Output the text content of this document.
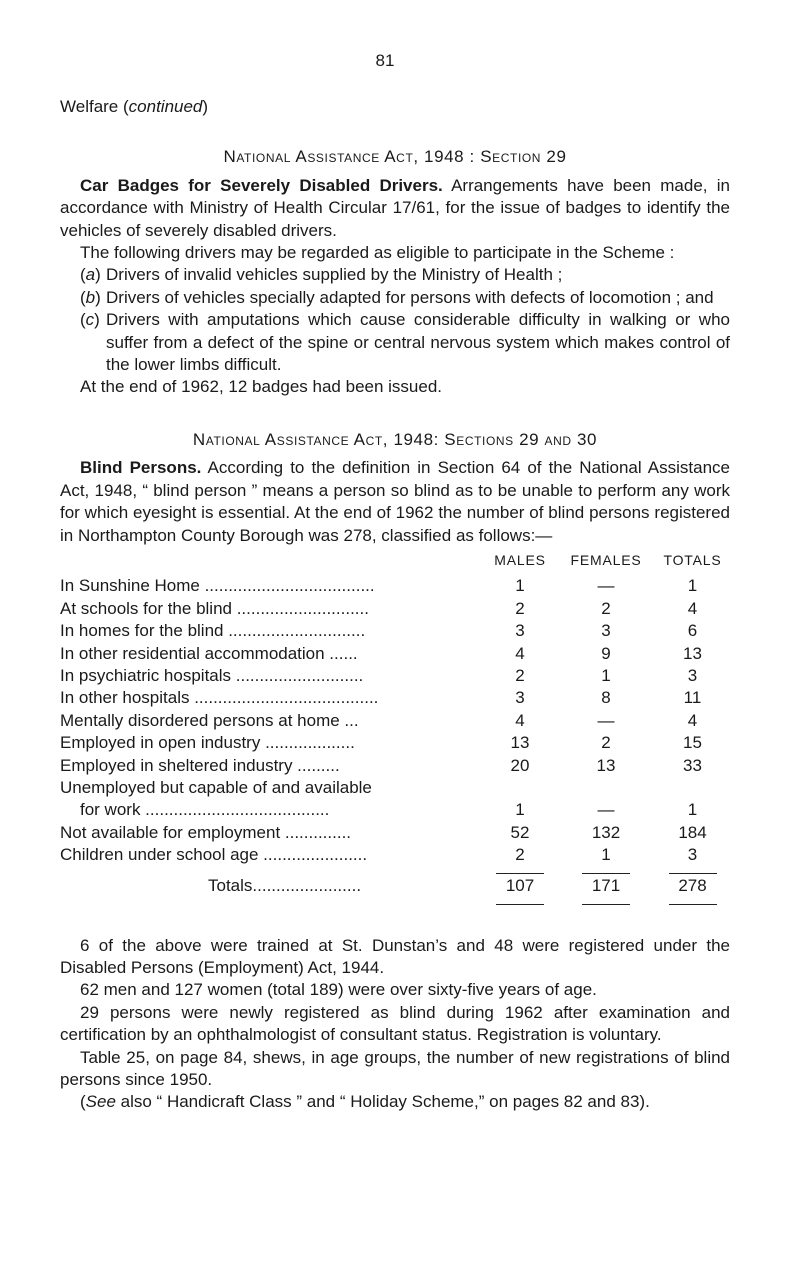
81
Welfare (continued)
National Assistance Act, 1948 : Section 29

Car Badges for Severely Disabled Drivers. Arrangements have been made, in accordance with Ministry of Health Circular 17/61, for the issue of badges to identify the vehicles of severely disabled drivers.

The following drivers may be regarded as eligible to participate in the Scheme :

(a) Drivers of invalid vehicles supplied by the Ministry of Health ;
(b) Drivers of vehicles specially adapted for persons with defects of locomotion ; and
(c) Drivers with amputations which cause considerable difficulty in walking or who suffer from a defect of the spine or central nervous system which makes control of the lower limbs difficult.

At the end of 1962, 12 badges had been issued.

National Assistance Act, 1948: Sections 29 and 30

Blind Persons. According to the definition in Section 64 of the National Assistance Act, 1948, “ blind person ” means a person so blind as to be unable to perform any work for which eyesight is essential. At the end of 1962 the number of blind persons registered in Northampton County Borough was 278, classified as follows:—

	MALES	FEMALES	TOTALS
In Sunshine Home ....................................	1	—	1
At schools for the blind ............................	2	2	4
In homes for the blind .............................	3	3	6
In other residential accommodation ......	4	9	13
In psychiatric hospitals ...........................	2	1	3
In other hospitals .......................................	3	8	11
Mentally disordered persons at home ...	4	—	4
Employed in open industry ...................	13	2	15
Employed in sheltered industry .........	20	13	33

Unemployed but capable of and available
for work .......................................	1	—	1
Not available for employment ..............	52	132	184
Children under school age ......................	2	1	3
Totals.......................	107	171	278

6 of the above were trained at St. Dunstan’s and 48 were registered under the Disabled Persons (Employment) Act, 1944.

62 men and 127 women (total 189) were over sixty-five years of age.

29 persons were newly registered as blind during 1962 after examination and certification by an ophthalmologist of consultant status. Registration is voluntary.

Table 25, on page 84, shews, in age groups, the number of new registrations of blind persons since 1950.

(See also “ Handicraft Class ” and “ Holiday Scheme,” on pages 82 and 83).
